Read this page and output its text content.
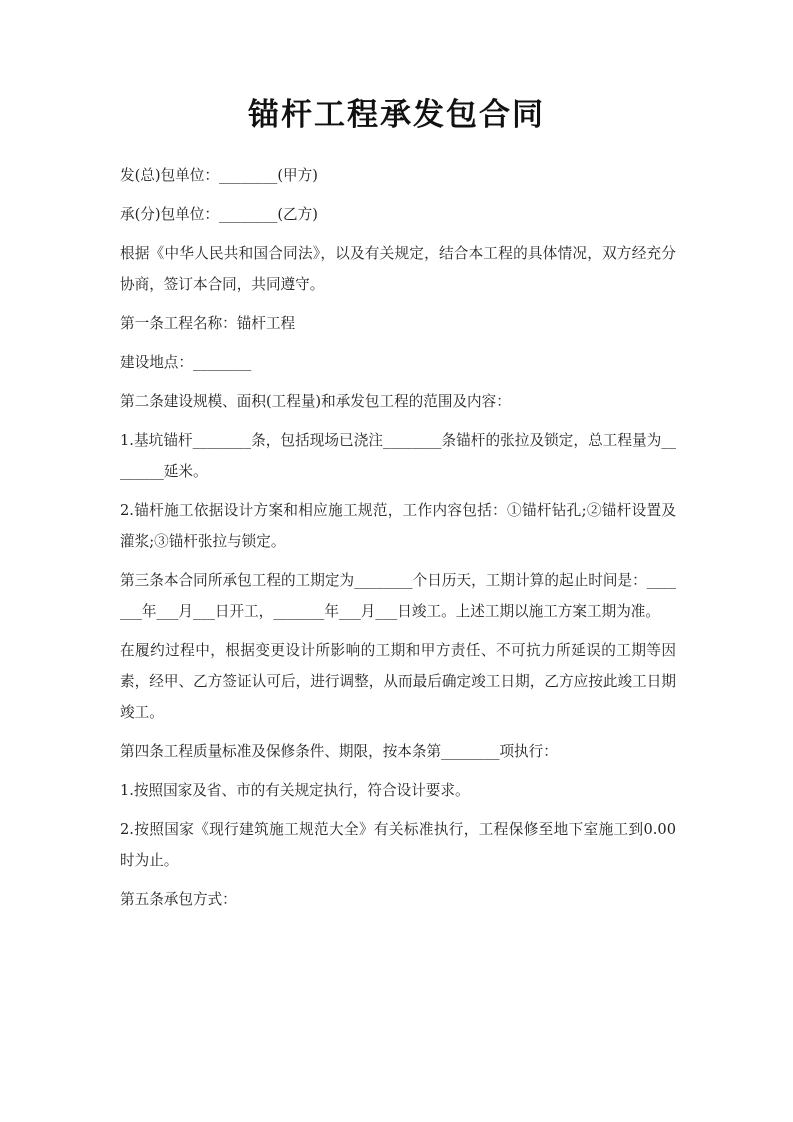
锚杆工程承发包合同

发(总)包单位：________(甲方)

承(分)包单位：________(乙方)

根据《中华人民共和国合同法》，以及有关规定，结合本工程的具体情况，双方经充分协商，签订本合同，共同遵守。

第一条工程名称：锚杆工程

建设地点：________

第二条建设规模、面积(工程量)和承发包工程的范围及内容：

1.基坑锚杆________条，包括现场已浇注________条锚杆的张拉及锁定，总工程量为________延米。

2.锚杆施工依据设计方案和相应施工规范，工作内容包括：①锚杆钻孔;②锚杆设置及灌浆;③锚杆张拉与锁定。

第三条本合同所承包工程的工期定为________个日历天，工期计算的起止时间是：_______年___月___日开工，_______年___月___日竣工。上述工期以施工方案工期为准。

在履约过程中，根据变更设计所影响的工期和甲方责任、不可抗力所延误的工期等因素，经甲、乙方签证认可后，进行调整，从而最后确定竣工日期，乙方应按此竣工日期竣工。

第四条工程质量标准及保修条件、期限，按本条第________项执行：

1.按照国家及省、市的有关规定执行，符合设计要求。

2.按照国家《现行建筑施工规范大全》有关标准执行，工程保修至地下室施工到0.00时为止。

第五条承包方式：
